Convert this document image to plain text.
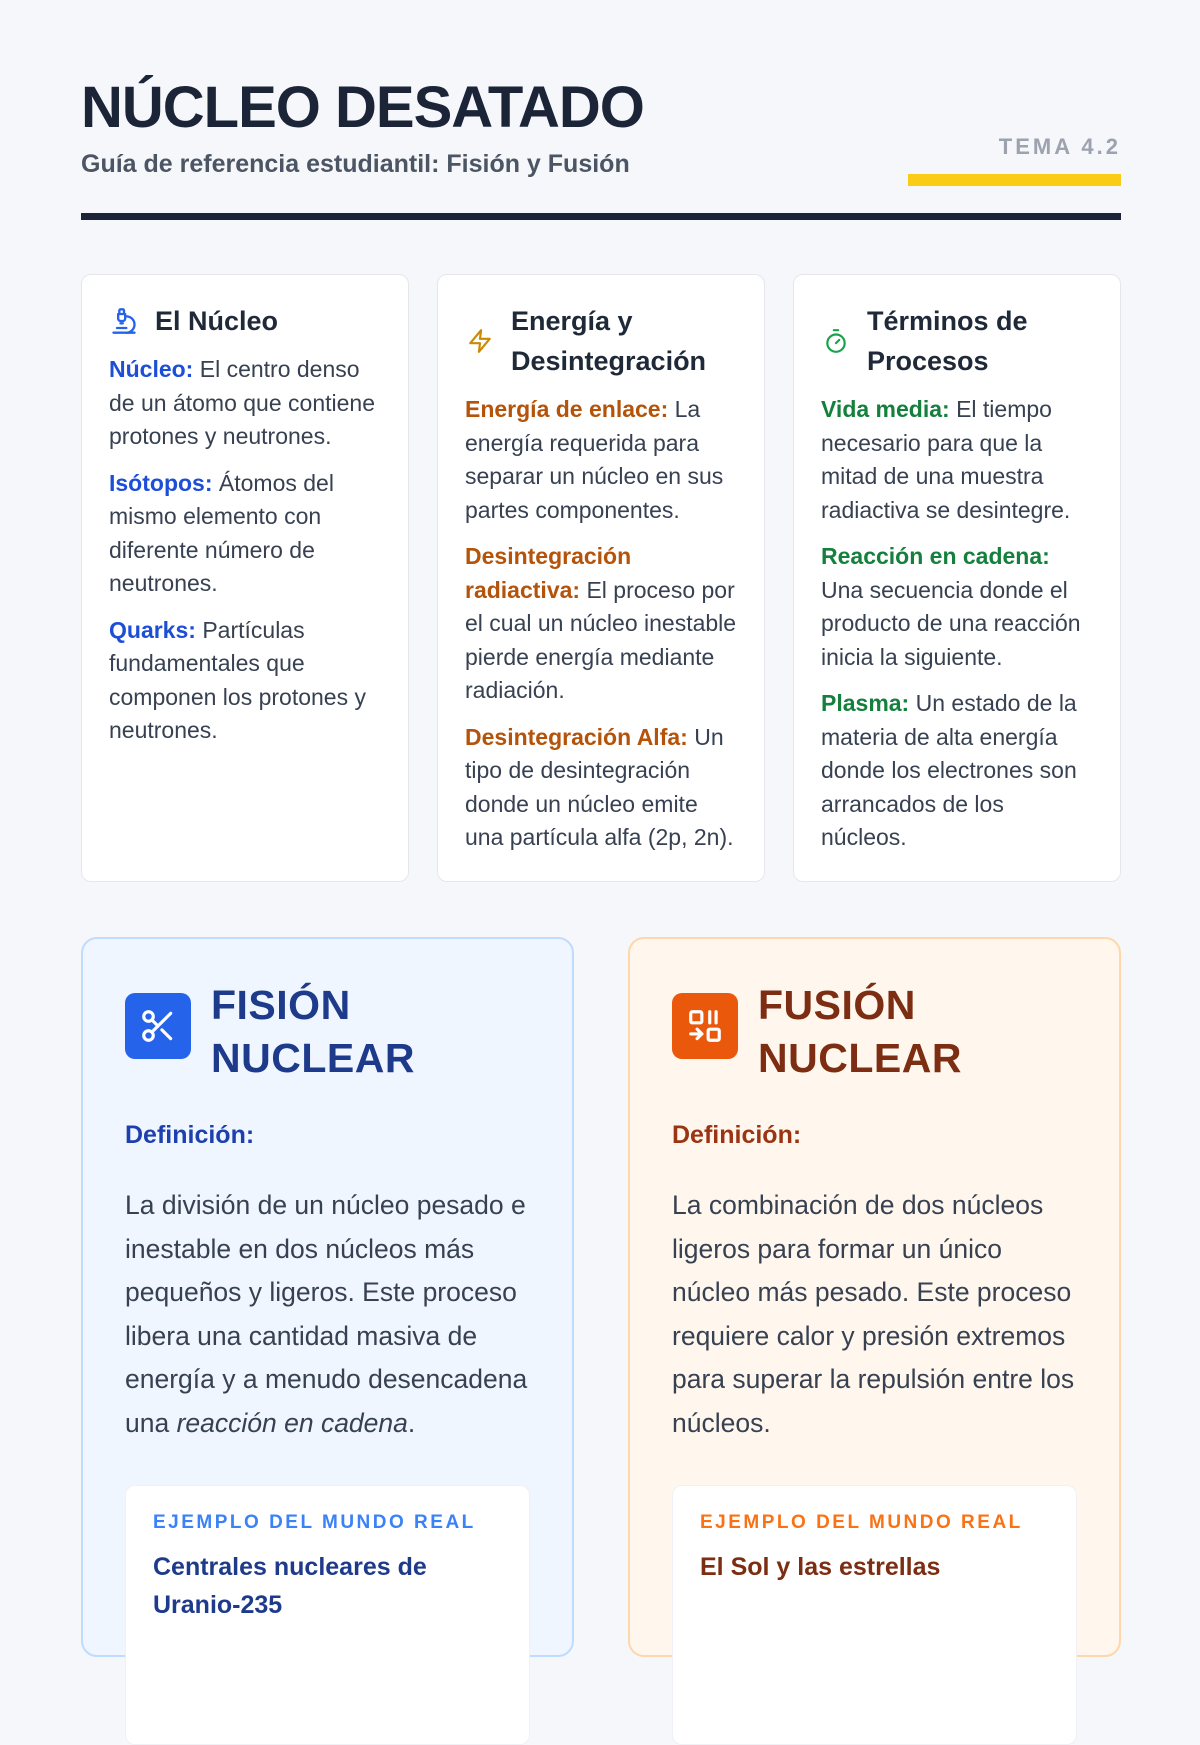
NÚCLEO DESATADO
Guía de referencia estudiantil: Fisión y Fusión
TEMA 4.2
El Núcleo
Núcleo: El centro denso de un átomo que contiene protones y neutrones.
Isótopos: Átomos del mismo elemento con diferente número de neutrones.
Quarks: Partículas fundamentales que componen los protones y neutrones.
Energía y Desintegración
Energía de enlace: La energía requerida para separar un núcleo en sus partes componentes.
Desintegración radiactiva: El proceso por el cual un núcleo inestable pierde energía mediante radiación.
Desintegración Alfa: Un tipo de desintegración donde un núcleo emite una partícula alfa (2p, 2n).
Términos de Procesos
Vida media: El tiempo necesario para que la mitad de una muestra radiactiva se desintegre.
Reacción en cadena: Una secuencia donde el producto de una reacción inicia la siguiente.
Plasma: Un estado de la materia de alta energía donde los electrones son arrancados de los núcleos.
FISIÓN NUCLEAR
Definición:
La división de un núcleo pesado e inestable en dos núcleos más pequeños y ligeros. Este proceso libera una cantidad masiva de energía y a menudo desencadena una reacción en cadena.
EJEMPLO DEL MUNDO REAL
Centrales nucleares de Uranio-235
FUSIÓN NUCLEAR
Definición:
La combinación de dos núcleos ligeros para formar un único núcleo más pesado. Este proceso requiere calor y presión extremos para superar la repulsión entre los núcleos.
EJEMPLO DEL MUNDO REAL
El Sol y las estrellas
